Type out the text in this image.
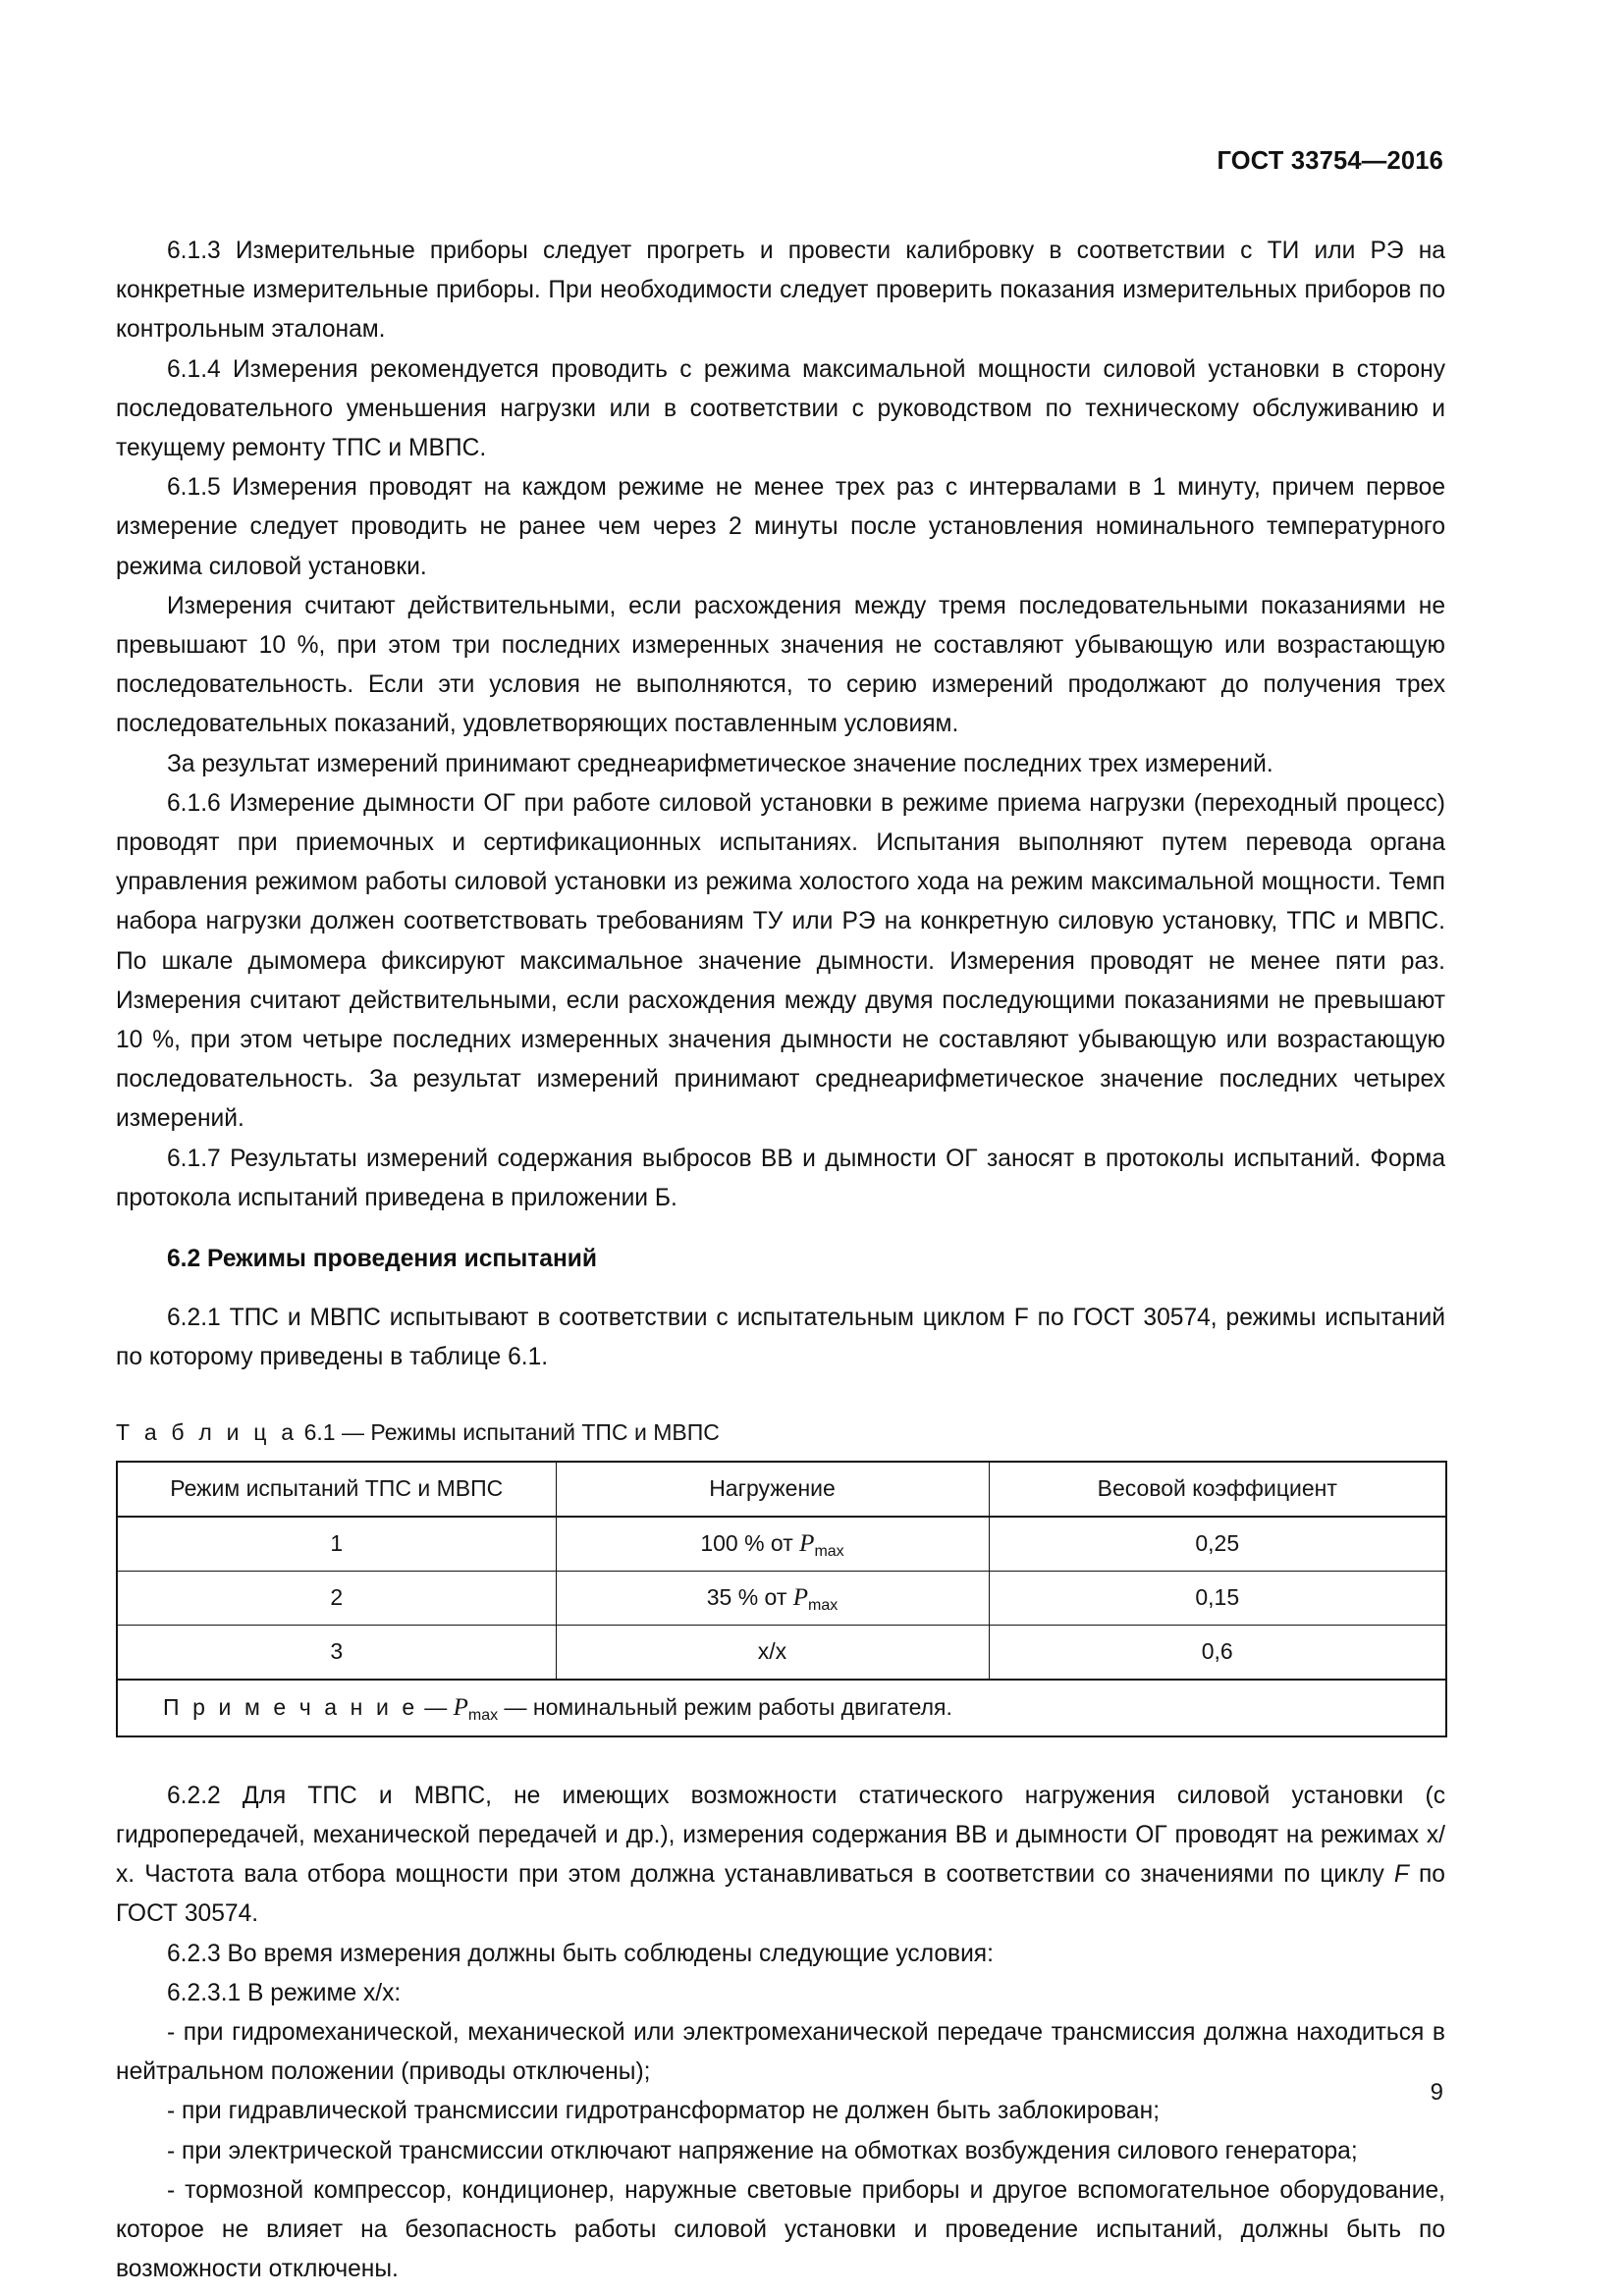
ГОСТ 33754—2016

6.1.3 Измерительные приборы следует прогреть и провести калибровку в соответствии с ТИ или РЭ на конкретные измерительные приборы. При необходимости следует проверить показания измерительных приборов по контрольным эталонам.

6.1.4 Измерения рекомендуется проводить с режима максимальной мощности силовой установки в сторону последовательного уменьшения нагрузки или в соответствии с руководством по техническому обслуживанию и текущему ремонту ТПС и МВПС.

6.1.5 Измерения проводят на каждом режиме не менее трех раз с интервалами в 1 минуту, причем первое измерение следует проводить не ранее чем через 2 минуты после установления номинального температурного режима силовой установки.

Измерения считают действительными, если расхождения между тремя последовательными показаниями не превышают 10 %, при этом три последних измеренных значения не составляют убывающую или возрастающую последовательность. Если эти условия не выполняются, то серию измерений продолжают до получения трех последовательных показаний, удовлетворяющих поставленным условиям.

За результат измерений принимают среднеарифметическое значение последних трех измерений.

6.1.6 Измерение дымности ОГ при работе силовой установки в режиме приема нагрузки (переходный процесс) проводят при приемочных и сертификационных испытаниях. Испытания выполняют путем перевода органа управления режимом работы силовой установки из режима холостого хода на режим максимальной мощности. Темп набора нагрузки должен соответствовать требованиям ТУ или РЭ на конкретную силовую установку, ТПС и МВПС. По шкале дымомера фиксируют максимальное значение дымности. Измерения проводят не менее пяти раз. Измерения считают действительными, если расхождения между двумя последующими показаниями не превышают 10 %, при этом четыре последних измеренных значения дымности не составляют убывающую или возрастающую последовательность. За результат измерений принимают среднеарифметическое значение последних четырех измерений.

6.1.7 Результаты измерений содержания выбросов ВВ и дымности ОГ заносят в протоколы испытаний. Форма протокола испытаний приведена в приложении Б.

6.2 Режимы проведения испытаний

6.2.1 ТПС и МВПС испытывают в соответствии с испытательным циклом F по ГОСТ 30574, режимы испытаний по которому приведены в таблице 6.1.

Т а б л и ц а 6.1 — Режимы испытаний ТПС и МВПС

Режим испытаний ТПС и МВПС	Нагружение	Весовой коэффициент
1	100 % от $P_{max}$	0,25
2	35 % от $P_{max}$	0,15
3	х/х	0,6
П р и м е ч а н и е — $P_{max}$ — номинальный режим работы двигателя.		

6.2.2 Для ТПС и МВПС, не имеющих возможности статического нагружения силовой установки (с гидропередачей, механической передачей и др.), измерения содержания ВВ и дымности ОГ проводят на режимах х/х. Частота вала отбора мощности при этом должна устанавливаться в соответствии со значениями по циклу F по ГОСТ 30574.

6.2.3 Во время измерения должны быть соблюдены следующие условия:

6.2.3.1 В режиме х/х:

- при гидромеханической, механической или электромеханической передаче трансмиссия должна находиться в нейтральном положении (приводы отключены);

- при гидравлической трансмиссии гидротрансформатор не должен быть заблокирован;

- при электрической трансмиссии отключают напряжение на обмотках возбуждения силового генератора;

- тормозной компрессор, кондиционер, наружные световые приборы и другое вспомогательное оборудование, которое не влияет на безопасность работы силовой установки и проведение испытаний, должны быть по возможности отключены.

9
